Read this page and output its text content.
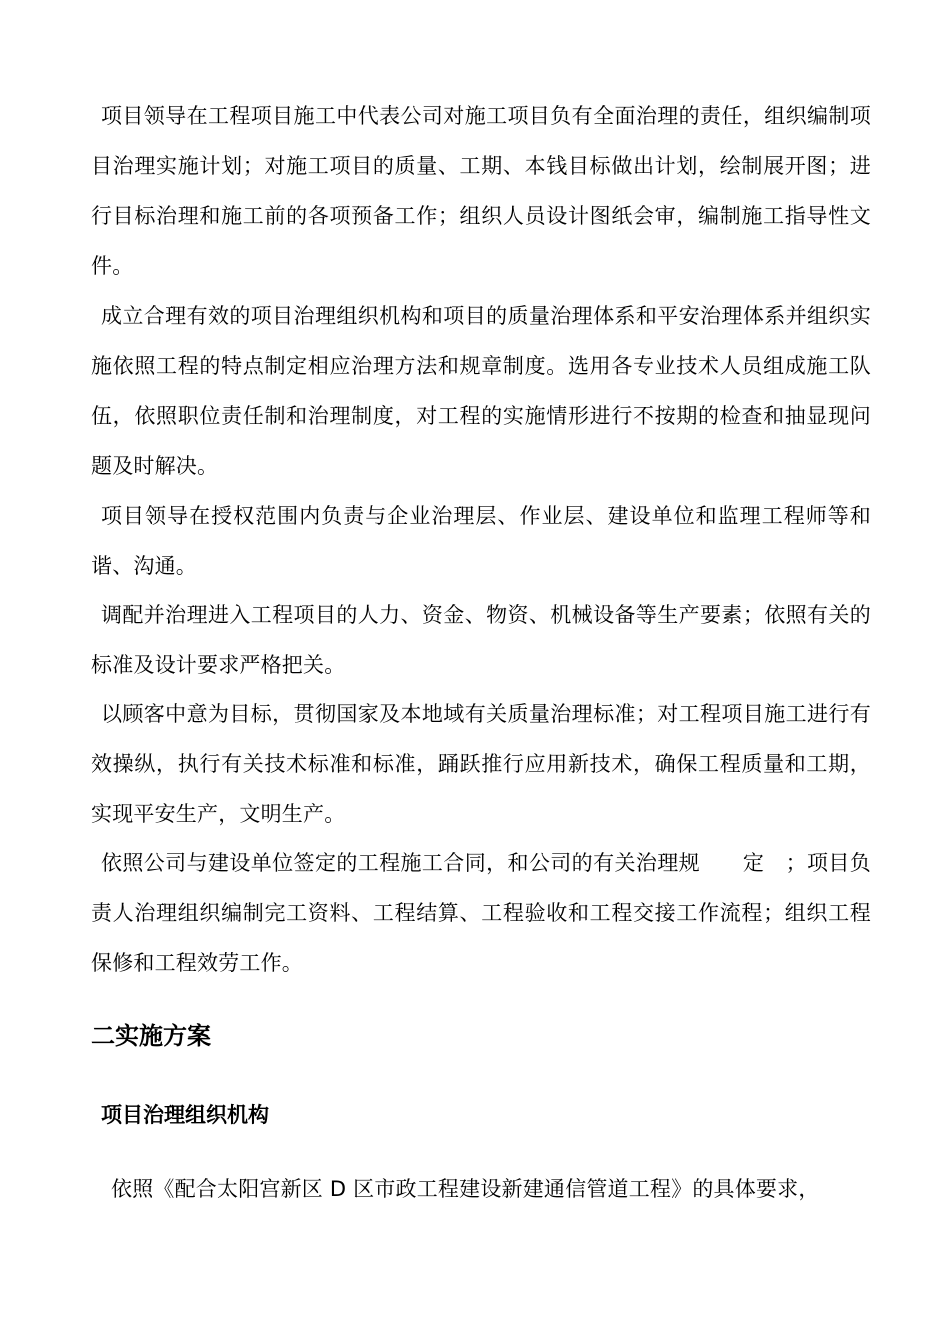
项目领导在工程项目施工中代表公司对施工项目负有全面治理的责任，组织编制项目治理实施计划；对施工项目的质量、工期、本钱目标做出计划，绘制展开图；进行目标治理和施工前的各项预备工作；组织人员设计图纸会审，编制施工指导性文件。

成立合理有效的项目治理组织机构和项目的质量治理体系和平安治理体系并组织实施依照工程的特点制定相应治理方法和规章制度。选用各专业技术人员组成施工队伍，依照职位责任制和治理制度，对工程的实施情形进行不按期的检查和抽显现问题及时解决。

项目领导在授权范围内负责与企业治理层、作业层、建设单位和监理工程师等和谐、沟通。

调配并治理进入工程项目的人力、资金、物资、机械设备等生产要素；依照有关的标准及设计要求严格把关。

以顾客中意为目标，贯彻国家及本地域有关质量治理标准；对工程项目施工进行有效操纵，执行有关技术标准和标准，踊跃推行应用新技术，确保工程质量和工期，实现平安生产，文明生产。

依照公司与建设单位签定的工程施工合同，和公司的有关治理规　　定　；项目负责人治理组织编制完工资料、工程结算、工程验收和工程交接工作流程；组织工程保修和工程效劳工作。

二实施方案
项目治理组织机构

依照《配合太阳宫新区 D 区市政工程建设新建通信管道工程》的具体要求，
